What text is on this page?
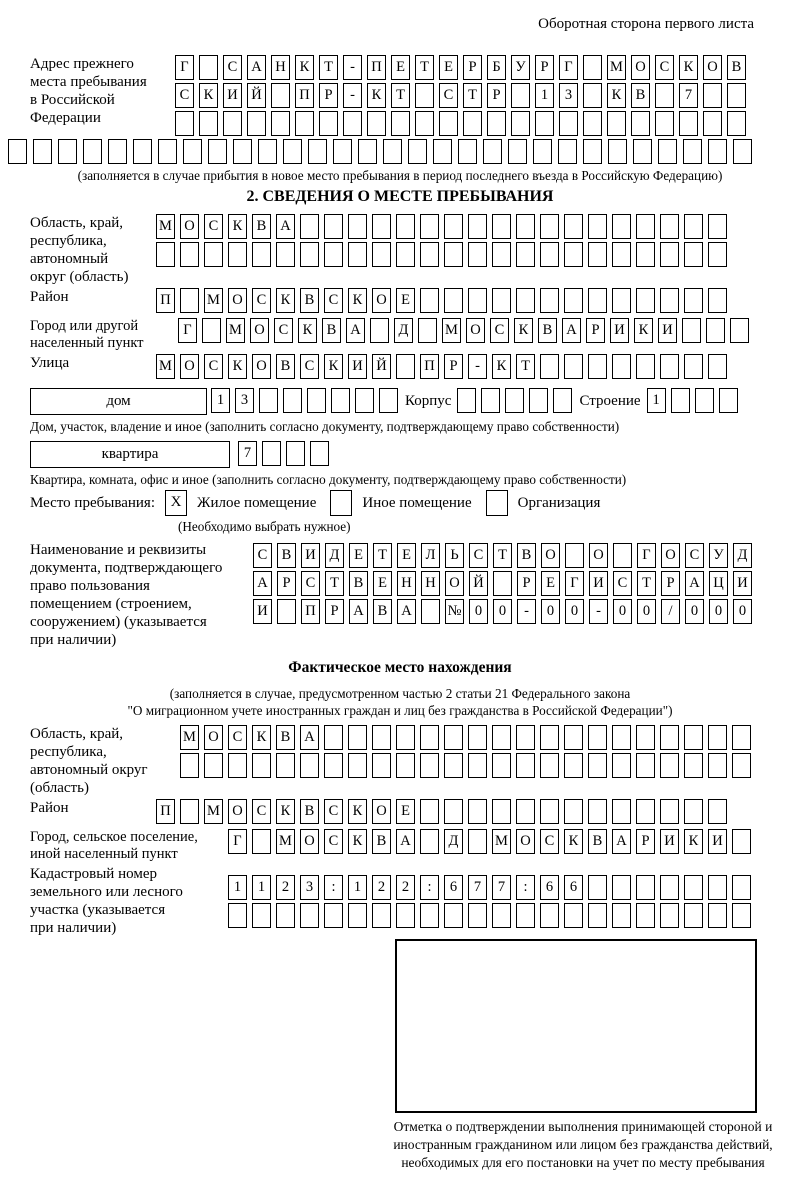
Оборотная сторона первого листа
Адрес прежнего
места пребывания
в Российской
Федерации
Г	С А Н К Т - П Е Т Е Р Б У Р Г	М О С К О В
С К И Й	П Р - К Т	С Т Р	1 3	К В	7
(заполняется в случае прибытия в новое место пребывания в период последнего въезда в Российскую Федерацию)
2. СВЕДЕНИЯ О МЕСТЕ ПРЕБЫВАНИЯ
Область, край,
республика,
автономный
округ (область)
М О С К В А
Район	П	М О С К В С К О Е
Город или другой
населенный пункт
Г	М О С К В А	Д	М О С К В А Р И К И
Улица	М О С К О В С К И Й	П Р - К Т
дом	1 3	Корпус	Строение 1
Дом, участок, владение и иное (заполнить согласно документу, подтверждающему право собственности)
квартира	7
Квартира, комната, офис и иное (заполнить согласно документу, подтверждающему право собственности)
Место пребывания:	X	Жилое помещение	Иное помещение	Организация
(Необходимо выбрать нужное)
Наименование и реквизиты
документа, подтверждающего
право пользования
помещением (строением,
сооружением) (указывается
при наличии)
С В И Д Е Т Е Л Ь С Т В О	О	Г О С У Д
А Р С Т В Е Н Н О Й	Р Е Г И С Т Р А Ц И
И	П Р А В А № 0 0 - 0 0 - 0 0 / 0 0 0
Фактическое место нахождения
(заполняется в случае, предусмотренном частью 2 статьи 21 Федерального закона
"О миграционном учете иностранных граждан и лиц без гражданства в Российской Федерации")
Область, край,
республика,
автономный округ
(область)
М О С К В А
Район	П	М О С К В С К О Е
Город, сельское поселение,
иной населенный пункт
Г	М О С К В А	Д	М О С К В А Р И К И
Кадастровый номер
земельного или лесного
участка (указывается
при наличии)
1 1 2 3 : 1 2 2 : 6 7 7 : 6 6
Отметка о подтверждении выполнения принимающей стороной и иностранным гражданином или лицом без гражданства действий, необходимых для его постановки на учет по месту пребывания
